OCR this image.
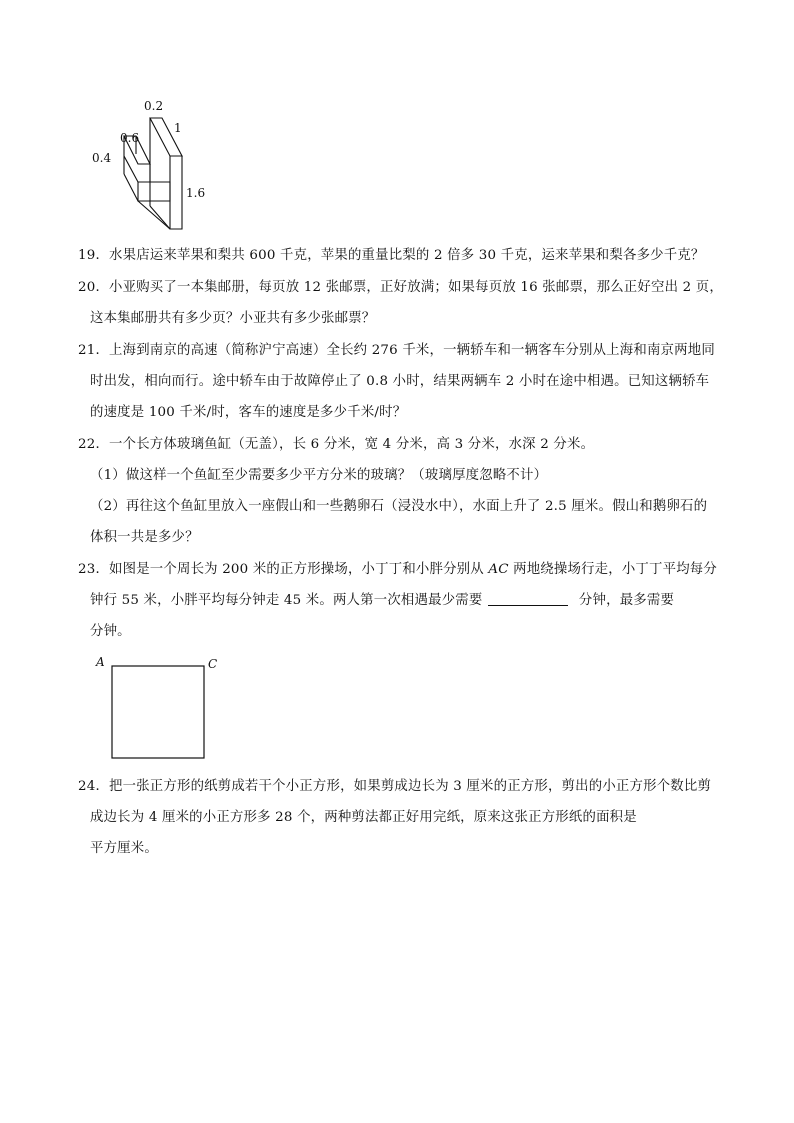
0.2
1
0.6
0.4
1.6
19．水果店运来苹果和梨共 600 千克，苹果的重量比梨的 2 倍多 30 千克，运来苹果和梨各多少千克？
20．小亚购买了一本集邮册，每页放 12 张邮票，正好放满；如果每页放 16 张邮票，那么正好空出 2 页，
这本集邮册共有多少页？小亚共有多少张邮票？
21．上海到南京的高速（简称沪宁高速）全长约 276 千米，一辆轿车和一辆客车分别从上海和南京两地同
时出发，相向而行。途中轿车由于故障停止了 0.8 小时，结果两辆车 2 小时在途中相遇。已知这辆轿车
的速度是 100 千米/时，客车的速度是多少千米/时？
22．一个长方体玻璃鱼缸（无盖），长 6 分米，宽 4 分米，高 3 分米，水深 2 分米。
（1）做这样一个鱼缸至少需要多少平方分米的玻璃？（玻璃厚度忽略不计）
（2）再往这个鱼缸里放入一座假山和一些鹅卵石（浸没水中），水面上升了 2.5 厘米。假山和鹅卵石的
体积一共是多少？
23．如图是一个周长为 200 米的正方形操场，小丁丁和小胖分别从 AC 两地绕操场行走，小丁丁平均每分
钟行 55 米，小胖平均每分钟走 45 米。两人第一次相遇最少需要	分钟，最多需要
分钟。
A	C
24．把一张正方形的纸剪成若干个小正方形，如果剪成边长为 3 厘米的正方形，剪出的小正方形个数比剪
成边长为 4 厘米的小正方形多 28 个，两种剪法都正好用完纸，原来这张正方形纸的面积是
平方厘米。
